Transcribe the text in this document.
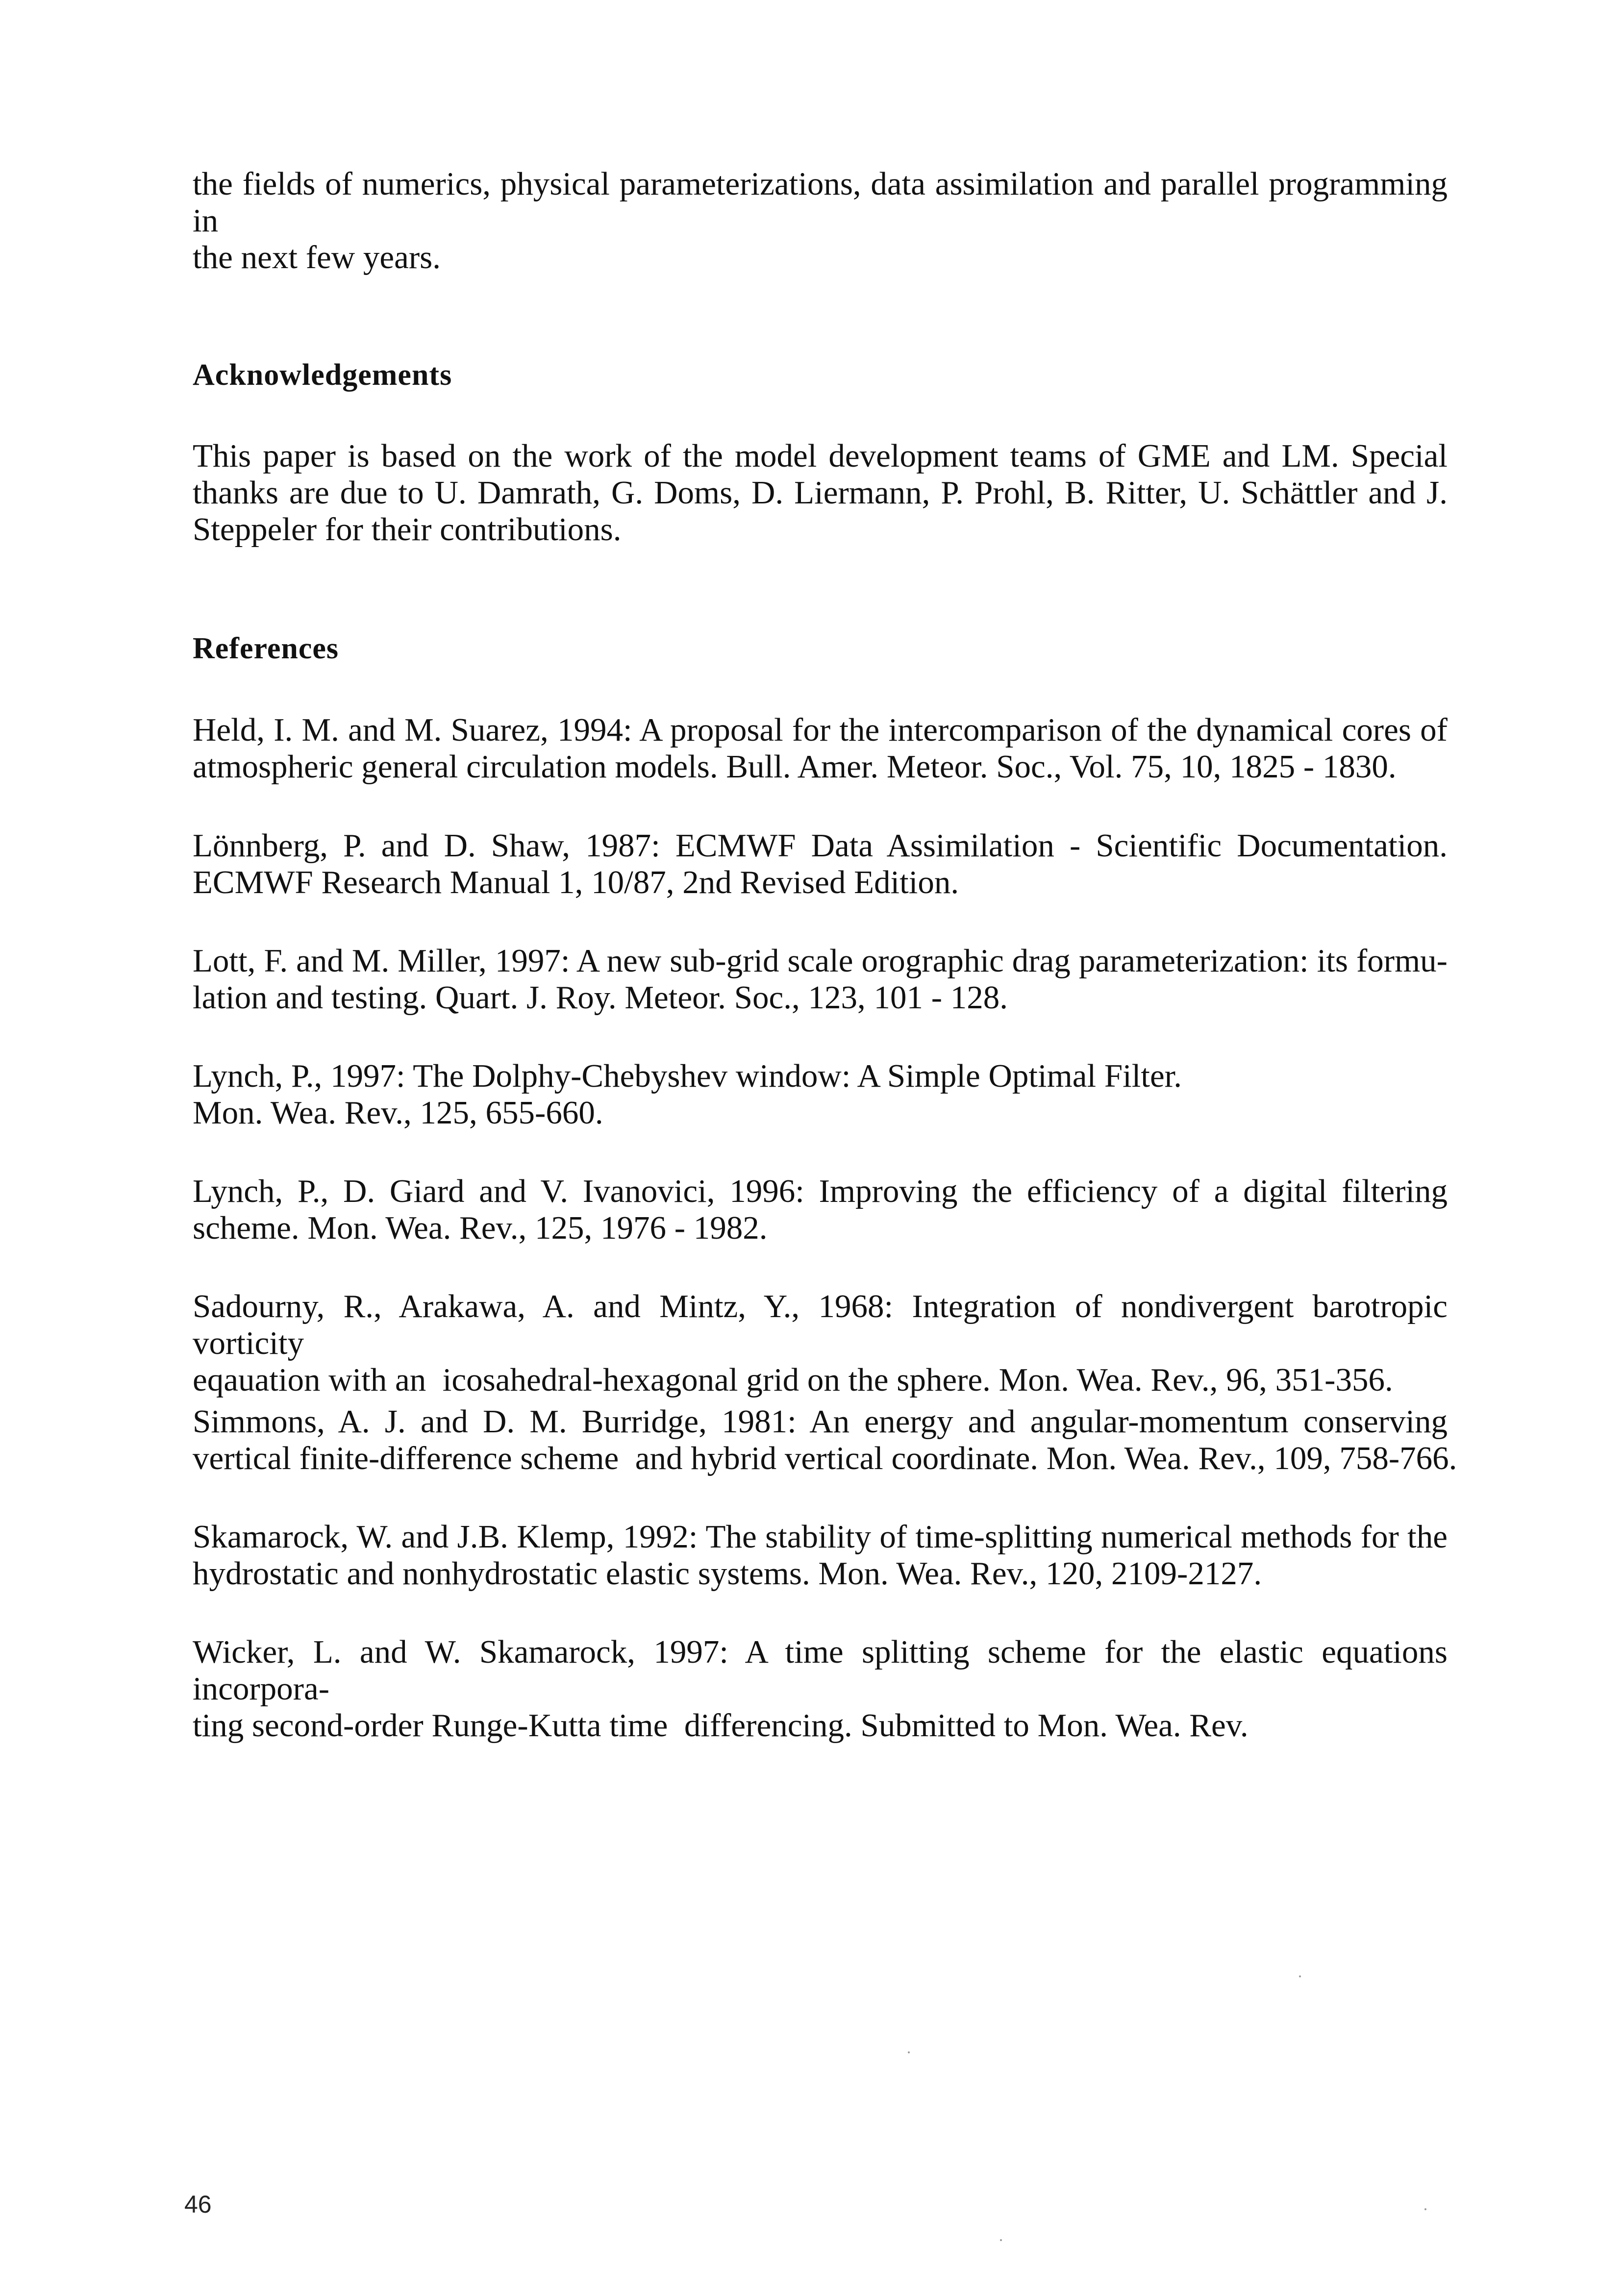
the fields of numerics, physical parameterizations, data assimilation and parallel programming in
the next few years.
Acknowledgements
This paper is based on the work of the model development teams of GME and LM. Special
thanks are due to U. Damrath, G. Doms, D. Liermann, P. Prohl, B. Ritter, U. Schättler and J.
Steppeler for their contributions.
References
Held, I. M. and M. Suarez, 1994: A proposal for the intercomparison of the dynamical cores of
atmospheric general circulation models. Bull. Amer. Meteor. Soc., Vol. 75, 10, 1825 - 1830.
Lönnberg, P. and D. Shaw, 1987: ECMWF Data Assimilation - Scientific Documentation.
ECMWF Research Manual 1, 10/87, 2nd Revised Edition.
Lott, F. and M. Miller, 1997: A new sub-grid scale orographic drag parameterization: its formu-
lation and testing. Quart. J. Roy. Meteor. Soc., 123, 101 - 128.
Lynch, P., 1997: The Dolphy-Chebyshev window: A Simple Optimal Filter.
Mon. Wea. Rev., 125, 655-660.
Lynch, P., D. Giard and V. Ivanovici, 1996: Improving the efficiency of a digital filtering
scheme. Mon. Wea. Rev., 125, 1976 - 1982.
Sadourny, R., Arakawa, A. and Mintz, Y., 1968: Integration of nondivergent barotropic vorticity
eqauation with an  icosahedral-hexagonal grid on the sphere. Mon. Wea. Rev., 96, 351-356.
Simmons, A. J. and D. M. Burridge, 1981: An energy and angular-momentum conserving
vertical finite-difference scheme  and hybrid vertical coordinate. Mon. Wea. Rev., 109, 758-766.
Skamarock, W. and J.B. Klemp, 1992: The stability of time-splitting numerical methods for the
hydrostatic and nonhydrostatic elastic systems. Mon. Wea. Rev., 120, 2109-2127.
Wicker, L. and W. Skamarock, 1997: A time splitting scheme for the elastic equations incorpora-
ting second-order Runge-Kutta time  differencing. Submitted to Mon. Wea. Rev.
46
